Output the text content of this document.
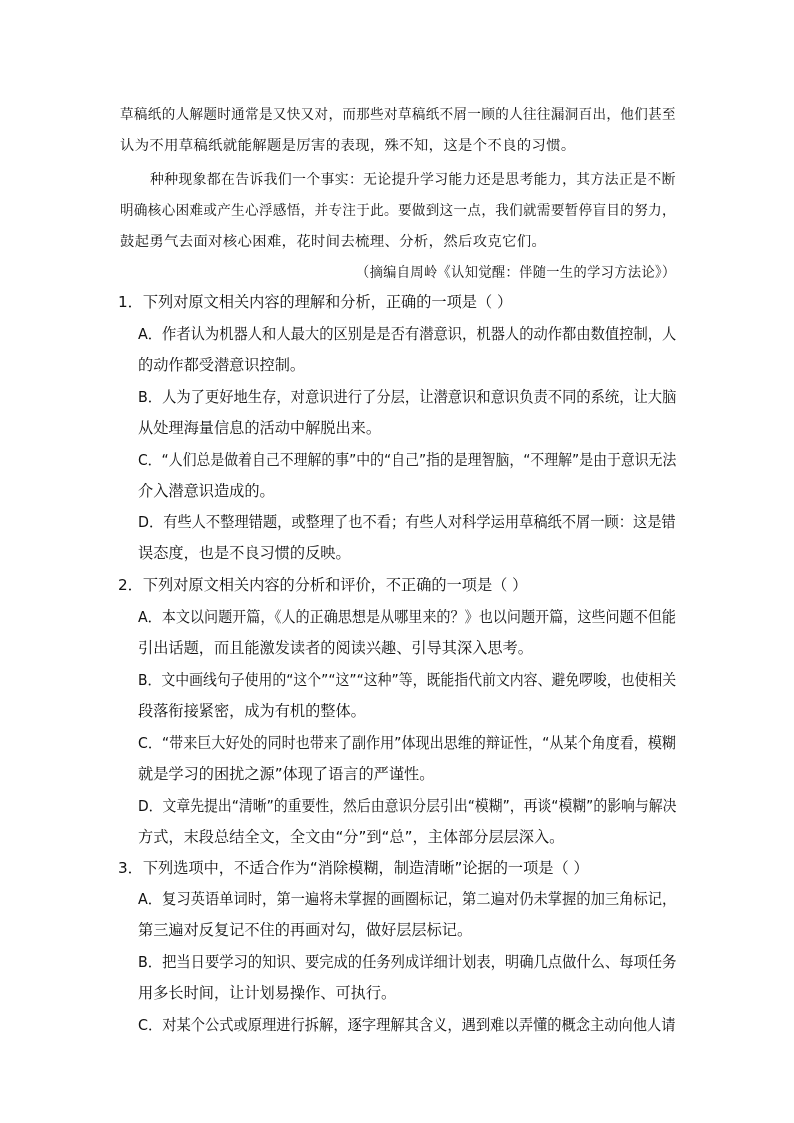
草稿纸的人解题时通常是又快又对，而那些对草稿纸不屑一顾的人往往漏洞百出，他们甚至
认为不用草稿纸就能解题是厉害的表现，殊不知，这是个不良的习惯。
种种现象都在告诉我们一个事实：无论提升学习能力还是思考能力，其方法正是不断
明确核心困难或产生心浮感悟，并专注于此。要做到这一点，我们就需要暂停盲目的努力，
鼓起勇气去面对核心困难，花时间去梳理、分析，然后攻克它们。
（摘编自周岭《认知觉醒：伴随一生的学习方法论》）
1．下列对原文相关内容的理解和分析，正确的一项是（ ）
A．作者认为机器人和人最大的区别是是否有潜意识，机器人的动作都由数值控制，人
的动作都受潜意识控制。
B．人为了更好地生存，对意识进行了分层，让潜意识和意识负责不同的系统，让大脑
从处理海量信息的活动中解脱出来。
C．“人们总是做着自己不理解的事”中的“自己”指的是理智脑，“不理解”是由于意识无法
介入潜意识造成的。
D．有些人不整理错题，或整理了也不看；有些人对科学运用草稿纸不屑一顾：这是错
误态度，也是不良习惯的反映。
2．下列对原文相关内容的分析和评价，不正确的一项是（ ）
A．本文以问题开篇，《人的正确思想是从哪里来的？》也以问题开篇，这些问题不但能
引出话题，而且能激发读者的阅读兴趣、引导其深入思考。
B．文中画线句子使用的“这个”“这”“这种”等，既能指代前文内容、避免啰唆，也使相关
段落衔接紧密，成为有机的整体。
C．“带来巨大好处的同时也带来了副作用”体现出思维的辩证性，“从某个角度看，模糊
就是学习的困扰之源”体现了语言的严谨性。
D．文章先提出“清晰”的重要性，然后由意识分层引出“模糊”，再谈“模糊”的影响与解决
方式，末段总结全文，全文由“分”到“总”，主体部分层层深入。
3．下列选项中，不适合作为“消除模糊，制造清晰”论据的一项是（ ）
A．复习英语单词时，第一遍将未掌握的画圈标记，第二遍对仍未掌握的加三角标记，
第三遍对反复记不住的再画对勾，做好层层标记。
B．把当日要学习的知识、要完成的任务列成详细计划表，明确几点做什么、每项任务
用多长时间，让计划易操作、可执行。
C．对某个公式或原理进行拆解，逐字理解其含义，遇到难以弄懂的概念主动向他人请
